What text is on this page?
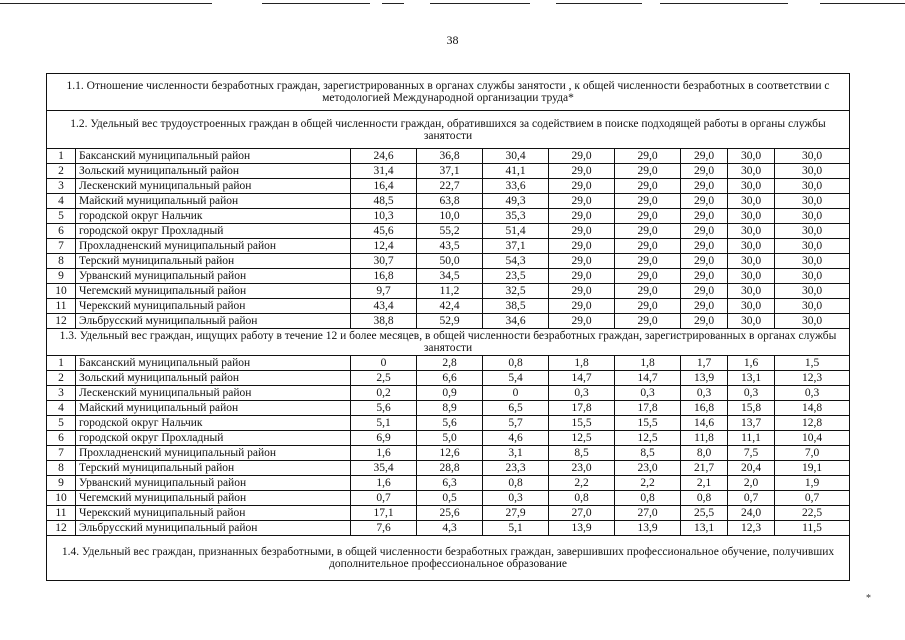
38
1.1. Отношение численности безработных граждан, зарегистрированных в органах службы занятости , к общей численности безработных в соответствии с методологией Международной организации труда*									
1.2. Удельный вес трудоустроенных граждан в общей численности граждан, обратившихся за содействием в поиске подходящей работы в органы службы занятости									
1	Баксанский муниципальный район	24,6	36,8	30,4	29,0	29,0	29,0	30,0	30,0
2	Зольский муниципальный район	31,4	37,1	41,1	29,0	29,0	29,0	30,0	30,0
3	Лескенский муниципальный район	16,4	22,7	33,6	29,0	29,0	29,0	30,0	30,0
4	Майский муниципальный район	48,5	63,8	49,3	29,0	29,0	29,0	30,0	30,0
5	городской округ Нальчик	10,3	10,0	35,3	29,0	29,0	29,0	30,0	30,0
6	городской округ Прохладный	45,6	55,2	51,4	29,0	29,0	29,0	30,0	30,0
7	Прохладненский муниципальный район	12,4	43,5	37,1	29,0	29,0	29,0	30,0	30,0
8	Терский муниципальный район	30,7	50,0	54,3	29,0	29,0	29,0	30,0	30,0
9	Урванский муниципальный район	16,8	34,5	23,5	29,0	29,0	29,0	30,0	30,0
10	Чегемский муниципальный район	9,7	11,2	32,5	29,0	29,0	29,0	30,0	30,0
11	Черекский муниципальный район	43,4	42,4	38,5	29,0	29,0	29,0	30,0	30,0
12	Эльбрусский муниципальный район	38,8	52,9	34,6	29,0	29,0	29,0	30,0	30,0
1.3. Удельный вес граждан, ищущих работу в течение 12 и более месяцев, в общей численности безработных граждан, зарегистрированных в органах службы занятости									
1	Баксанский муниципальный район	0	2,8	0,8	1,8	1,8	1,7	1,6	1,5
2	Зольский муниципальный район	2,5	6,6	5,4	14,7	14,7	13,9	13,1	12,3
3	Лескенский муниципальный район	0,2	0,9	0	0,3	0,3	0,3	0,3	0,3
4	Майский муниципальный район	5,6	8,9	6,5	17,8	17,8	16,8	15,8	14,8
5	городской округ Нальчик	5,1	5,6	5,7	15,5	15,5	14,6	13,7	12,8
6	городской округ Прохладный	6,9	5,0	4,6	12,5	12,5	11,8	11,1	10,4
7	Прохладненский муниципальный район	1,6	12,6	3,1	8,5	8,5	8,0	7,5	7,0
8	Терский муниципальный район	35,4	28,8	23,3	23,0	23,0	21,7	20,4	19,1
9	Урванский муниципальный район	1,6	6,3	0,8	2,2	2,2	2,1	2,0	1,9
10	Чегемский муниципальный район	0,7	0,5	0,3	0,8	0,8	0,8	0,7	0,7
11	Черекский муниципальный район	17,1	25,6	27,9	27,0	27,0	25,5	24,0	22,5
12	Эльбрусский муниципальный район	7,6	4,3	5,1	13,9	13,9	13,1	12,3	11,5
1.4. Удельный вес граждан, признанных безработными, в общей численности безработных граждан, завершивших профессиональное обучение, получивших дополнительное профессиональное образование									
*
